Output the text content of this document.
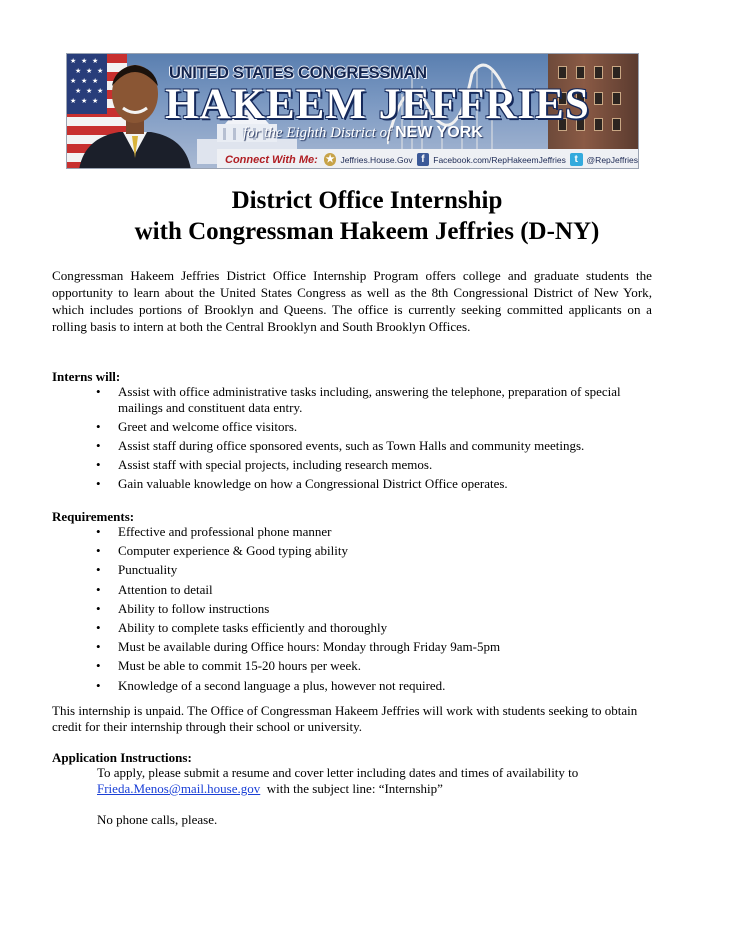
★ ★ ★
★ ★ ★
★ ★ ★
★ ★ ★
★ ★ ★
UNITED STATES CONGRESSMAN
HAKEEM JEFFRIES
for the Eighth District of NEW YORK
Connect With Me: ★ Jeffries.House.Gov f	Facebook.com/RepHakeemJeffries t	@RepJeffries
District Office Internship
with Congressman Hakeem Jeffries (D-NY)

Congressman Hakeem Jeffries District Office Internship Program offers college and graduate students the opportunity to learn about the United States Congress as well as the 8th Congressional District of New York, which includes portions of Brooklyn and Queens. The office is currently seeking committed applicants on a rolling basis to intern at both the Central Brooklyn and South Brooklyn Offices.

Interns will:
• Assist with office administrative tasks including, answering the telephone, preparation of special mailings and constituent data entry.
• Greet and welcome office visitors.
• Assist staff during office sponsored events, such as Town Halls and community meetings.
• Assist staff with special projects, including research memos.
• Gain valuable knowledge on how a Congressional District Office operates.
Requirements:
• Effective and professional phone manner
• Computer experience & Good typing ability
• Punctuality
• Attention to detail
• Ability to follow instructions
• Ability to complete tasks efficiently and thoroughly
• Must be available during Office hours: Monday through Friday 9am-5pm
• Must be able to commit 15-20 hours per week.
• Knowledge of a second language a plus, however not required.

This internship is unpaid. The Office of Congressman Hakeem Jeffries will work with students seeking to obtain credit for their internship through their school or university.

Application Instructions:
To apply, please submit a resume and cover letter including dates and times of availability to
Frieda.Menos@mail.house.gov with the subject line: “Internship”
No phone calls, please.
